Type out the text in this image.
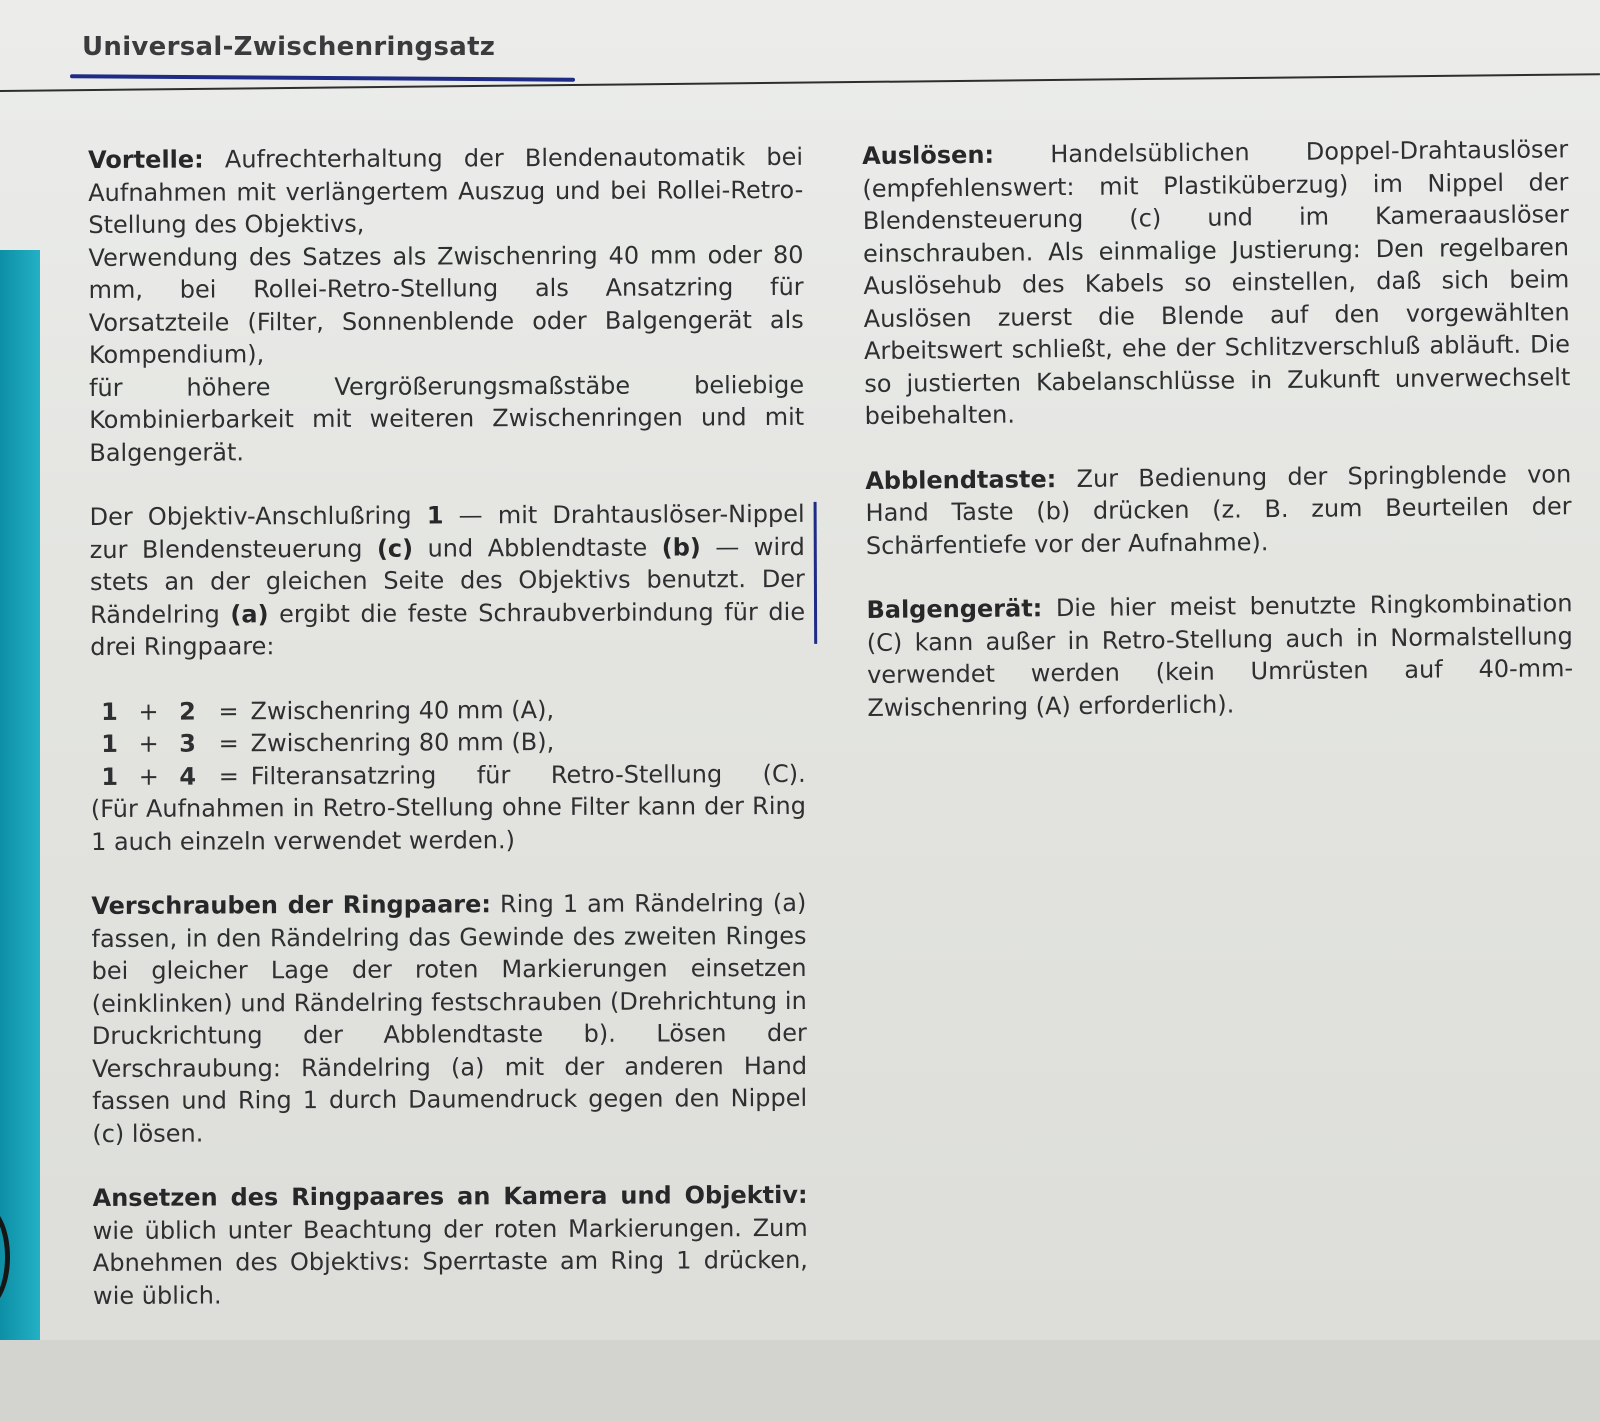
Universal-Zwischenringsatz

Vortelle: Aufrechterhaltung der Blendenautomatik bei Aufnahmen mit verlängertem Auszug und bei Rollei-Retro-Stellung des Objektivs,
Verwendung des Satzes als Zwischenring 40 mm oder 80 mm, bei Rollei-Retro-Stellung als Ansatzring für Vorsatzteile (Filter, Sonnenblende oder Balgengerät als Kompendium),
für höhere Vergrößerungsmaßstäbe beliebige Kombinierbarkeit mit weiteren Zwischenringen und mit Balgengerät.

Der Objektiv-Anschlußring 1 — mit Drahtauslöser-Nippel zur Blendensteuerung (c) und Abblendtaste (b) — wird stets an der gleichen Seite des Objektivs benutzt. Der Rändelring (a) ergibt die feste Schraubverbindung für die drei Ringpaare:

1 + 2 = Zwischenring 40 mm (A),
1 + 3 = Zwischenring 80 mm (B),
1 + 4 = Filteransatzring für Retro-Stellung (C).

(Für Aufnahmen in Retro-Stellung ohne Filter kann der Ring 1 auch einzeln verwendet werden.)

Verschrauben der Ringpaare: Ring 1 am Rändelring (a) fassen, in den Rändelring das Gewinde des zweiten Ringes bei gleicher Lage der roten Markierungen einsetzen (einklinken) und Rändelring festschrauben (Drehrichtung in Druckrichtung der Abblendtaste b). Lösen der Verschraubung: Rändelring (a) mit der anderen Hand fassen und Ring 1 durch Daumendruck gegen den Nippel (c) lösen.

Ansetzen des Ringpaares an Kamera und Objektiv: wie üblich unter Beachtung der roten Markierungen. Zum Abnehmen des Objektivs: Sperrtaste am Ring 1 drücken, wie üblich.

Auslösen: Handelsüblichen Doppel-Drahtauslöser (empfehlenswert: mit Plastiküberzug) im Nippel der Blendensteuerung (c) und im Kameraauslöser einschrauben. Als einmalige Justierung: Den regelbaren Auslösehub des Kabels so einstellen, daß sich beim Auslösen zuerst die Blende auf den vorgewählten Arbeitswert schließt, ehe der Schlitzverschluß abläuft. Die so justierten Kabelanschlüsse in Zukunft unverwechselt beibehalten.

Abblendtaste: Zur Bedienung der Springblende von Hand Taste (b) drücken (z. B. zum Beurteilen der Schärfentiefe vor der Aufnahme).

Balgengerät: Die hier meist benutzte Ringkombination (C) kann außer in Retro-Stellung auch in Normalstellung verwendet werden (kein Umrüsten auf 40-mm-Zwischenring (A) erforderlich).
